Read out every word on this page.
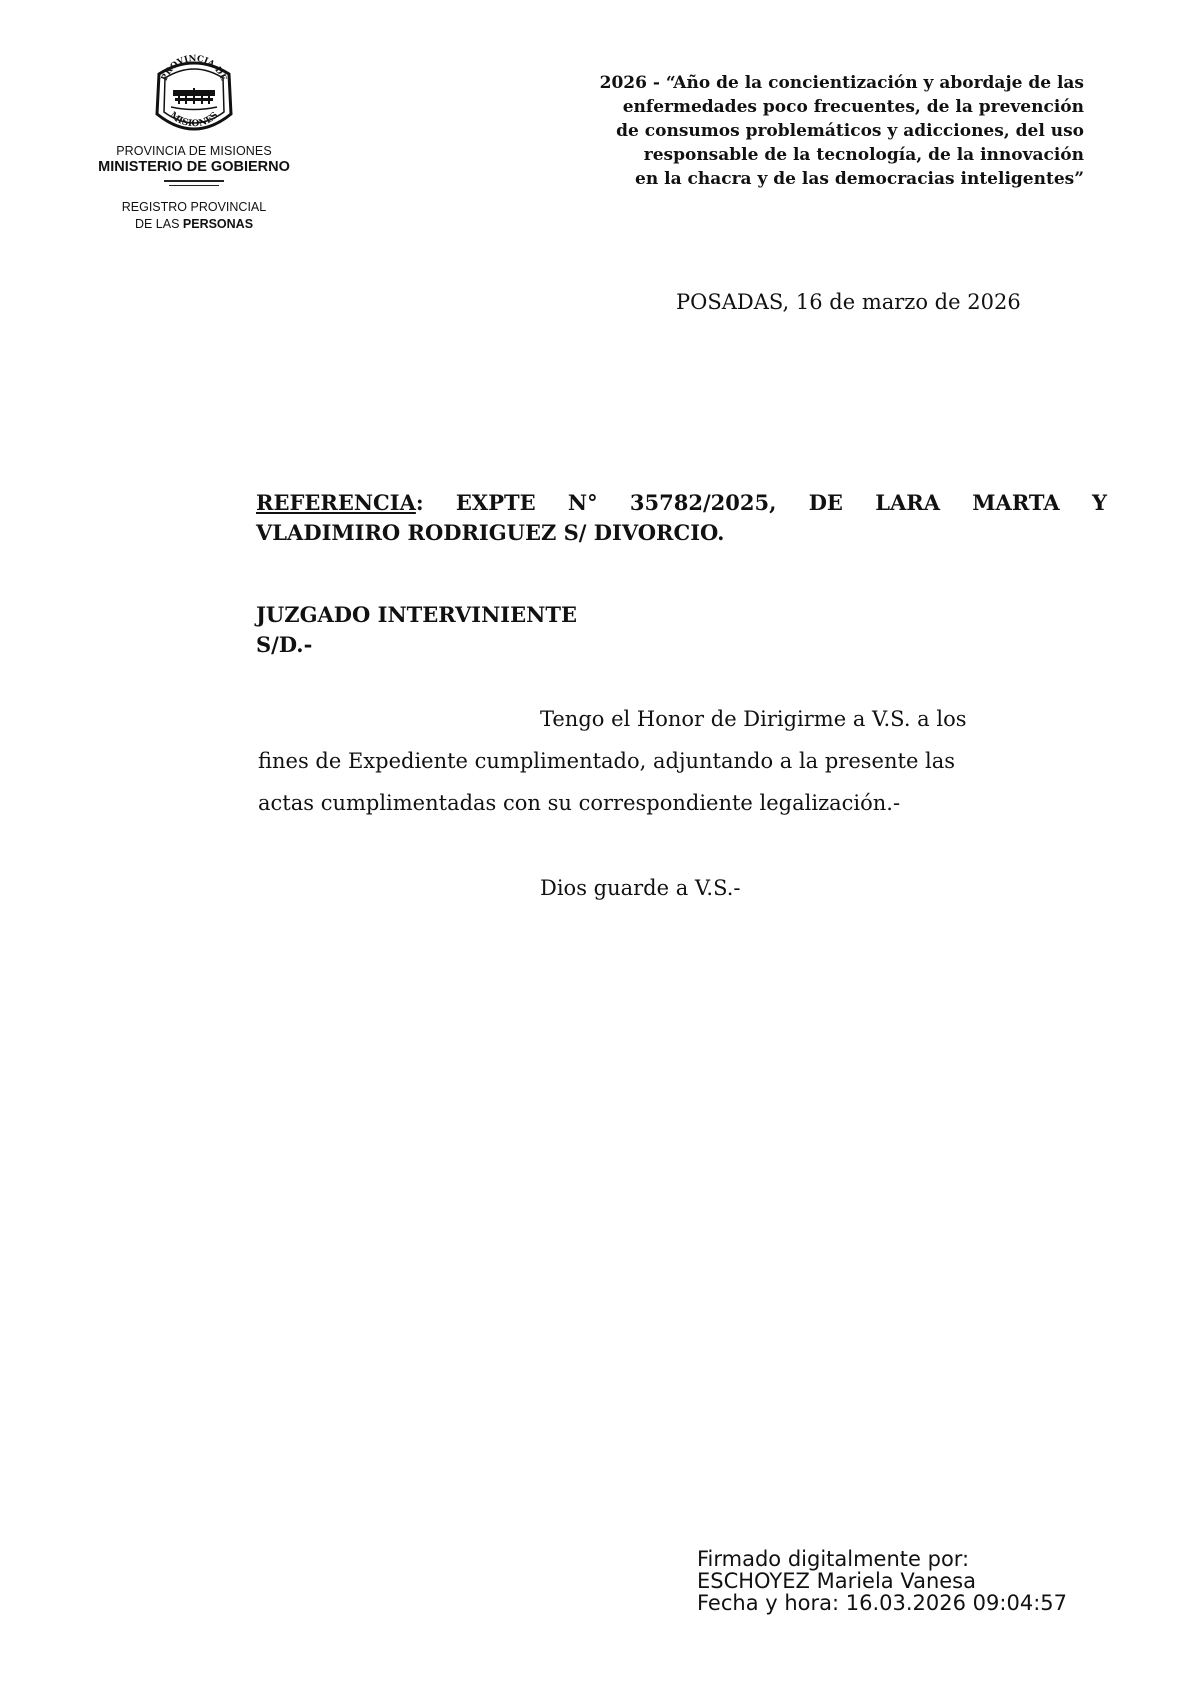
PROVINCIA DE
MISIONES
PROVINCIA DE MISIONES
MINISTERIO DE GOBIERNO
REGISTRO PROVINCIAL
DE LAS PERSONAS
2026 - “Año de la concientización y abordaje de las
enfermedades poco frecuentes, de la prevención
de consumos problemáticos y adicciones, del uso
responsable de la tecnología, de la innovación
en la chacra y de las democracias inteligentes”
POSADAS, 16 de marzo de 2026
REFERENCIA: EXPTE N° 35782/2025, DE LARA MARTA Y
VLADIMIRO RODRIGUEZ S/ DIVORCIO.
JUZGADO INTERVINIENTE
S/D.-
Tengo el Honor de Dirigirme a V.S. a los
fines de Expediente cumplimentado, adjuntando a la presente las
actas cumplimentadas con su correspondiente legalización.-
Dios guarde a V.S.-
Firmado digitalmente por:
ESCHOYEZ Mariela Vanesa
Fecha y hora: 16.03.2026 09:04:57
